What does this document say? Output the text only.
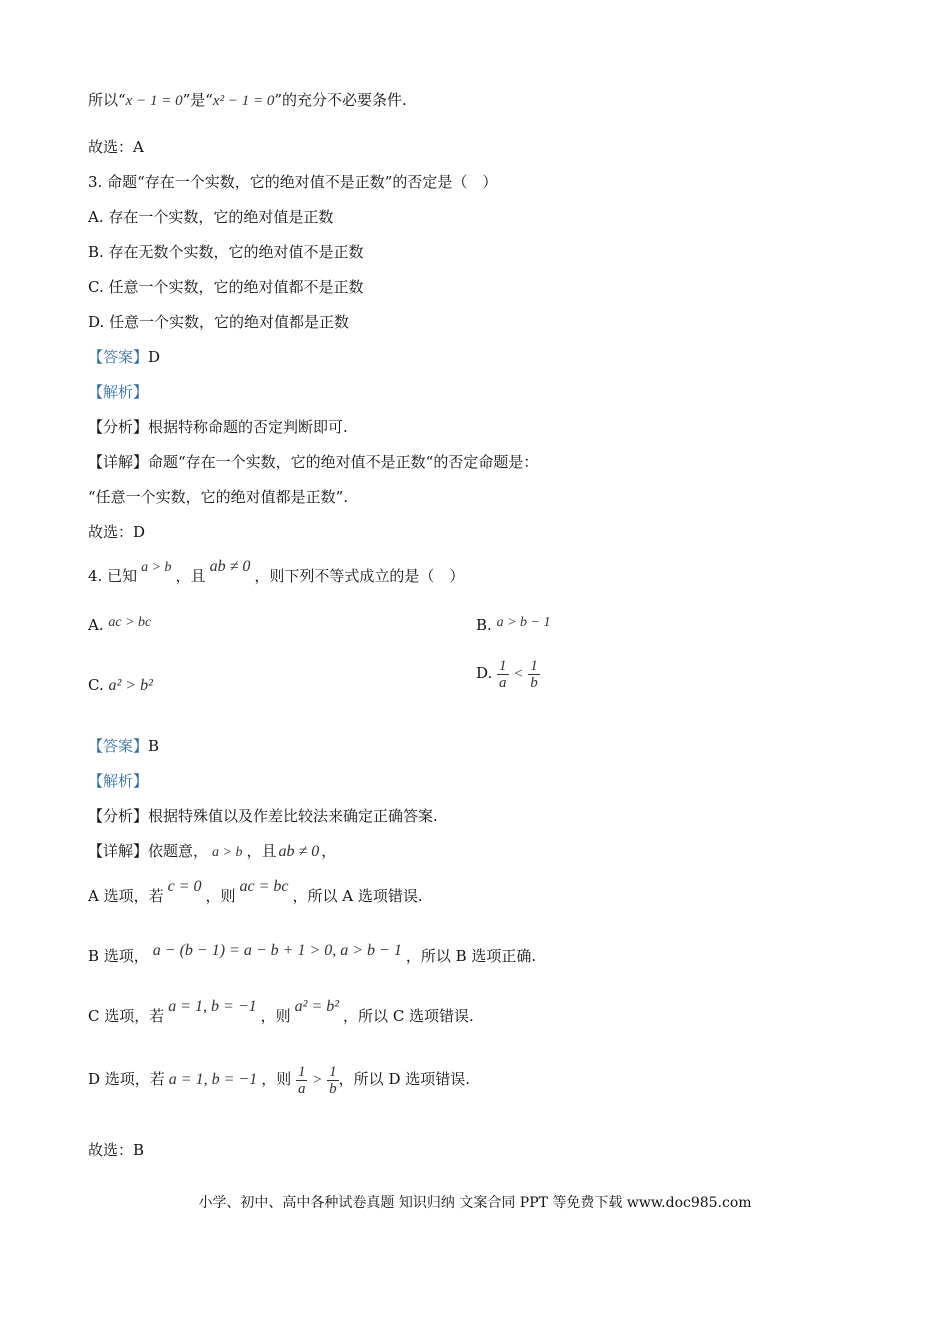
所以“x − 1 = 0”是“x² − 1 = 0”的充分不必要条件.
故选：A
3. 命题“存在一个实数，它的绝对值不是正数”的否定是（　）
A. 存在一个实数，它的绝对值是正数
B. 存在无数个实数，它的绝对值不是正数
C. 任意一个实数，它的绝对值都不是正数
D. 任意一个实数，它的绝对值都是正数
【答案】D
【解析】
【分析】根据特称命题的否定判断即可.
【详解】命题“存在一个实数，它的绝对值不是正数“的否定命题是：
“任意一个实数，它的绝对值都是正数”.
故选：D
4. 已知 a > b ，且ab ≠ 0，则下列不等式成立的是（　）
A. ac > bc	B. a > b − 1
C. a² > b²
D. $\frac{1}{a} < \frac{1}{b}$
【答案】B
【解析】
【分析】根据特殊值以及作差比较法来确定正确答案.
【详解】依题意， a > b ，且 ab ≠ 0 ，
A 选项，若c = 0，则ac = bc，所以 A 选项错误.
B 选项， a − (b − 1) = a − b + 1 > 0, a > b − 1 ，所以 B 选项正确.
C 选项，若a = 1, b = −1，则a² = b²，所以 C 选项错误.
D 选项，若 a = 1, b = −1 ，则 $\frac{1}{a} > \frac{1}{b}$ ，所以 D 选项错误.
故选：B
小学、初中、高中各种试卷真题 知识归纳 文案合同 PPT 等免费下载 www.doc985.com
